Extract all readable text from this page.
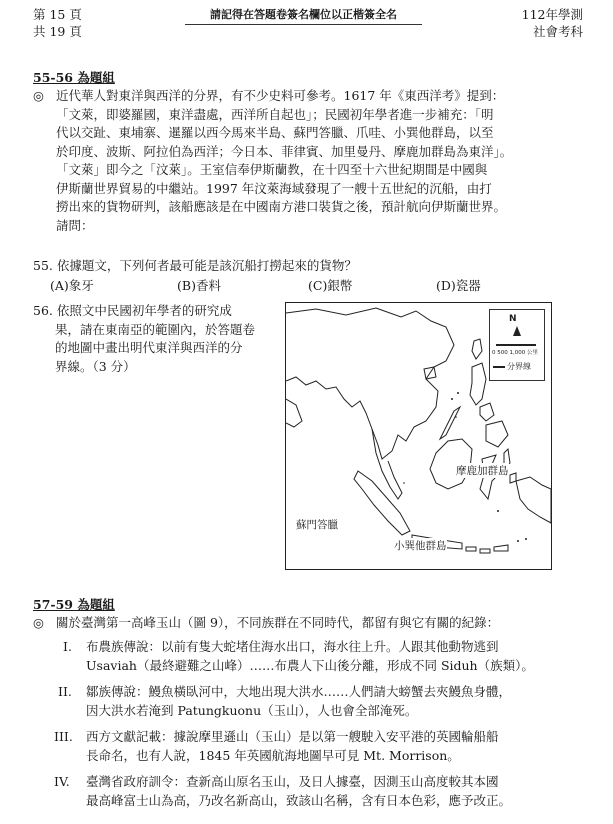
第 15 頁
共 19 頁
請記得在答題卷簽名欄位以正楷簽全名	112年學測
社會考科
55-56 為題組
◎ 近代華人對東洋與西洋的分界，有不少史料可參考。1617 年《東西洋考》提到：
「文萊，即婆羅國，東洋盡處，西洋所自起也」；民國初年學者進一步補充：「明
代以交趾、東埔寨、暹羅以西今馬來半島、蘇門答臘、爪哇、小巽他群島，以至
於印度、波斯、阿拉伯為西洋；今日本、菲律賓、加里曼丹、摩鹿加群島為東洋」。
「文萊」即今之「汶萊」。王室信奉伊斯蘭教，在十四至十六世紀期間是中國與
伊斯蘭世界貿易的中繼站。1997 年汶萊海域發現了一艘十五世紀的沉船，由打
撈出來的貨物研判，該船應該是在中國南方港口裝貨之後，預計航向伊斯蘭世界。
請問：
55. 依據題文，下列何者最可能是該沉船打撈起來的貨物？
(A)象牙	(B)香料	(C)銀幣	(D)瓷器
56. 依照文中民國初年學者的研究成
果，請在東南亞的範圍內，於答題卷
的地圖中畫出明代東洋與西洋的分
界線。（3 分）
N
0 500 1,000 公里
分界線
摩鹿加群島
蘇門答臘
小巽他群島
57-59 為題組
◎ 關於臺灣第一高峰玉山（圖 9），不同族群在不同時代，都留有與它有關的紀錄：
I. 布農族傳說：以前有隻大蛇堵住海水出口，海水往上升。人跟其他動物逃到
Usaviah（最終避難之山峰）……布農人下山後分離，形成不同 Siduh（族類）。
II. 鄒族傳說：鰻魚橫臥河中，大地出現大洪水……人們請大螃蟹去夾鰻魚身體，
因大洪水若淹到 Patungkuonu（玉山），人也會全部淹死。
III. 西方文獻記載：據說摩里遜山（玉山）是以第一艘駛入安平港的英國輪船船
長命名，也有人說，1845 年英國航海地圖早可見 Mt. Morrison。
IV. 臺灣省政府訓令：查新高山原名玉山，及日人據臺，因測玉山高度較其本國
最高峰富士山為高，乃改名新高山，致該山名稱，含有日本色彩，應予改正。
